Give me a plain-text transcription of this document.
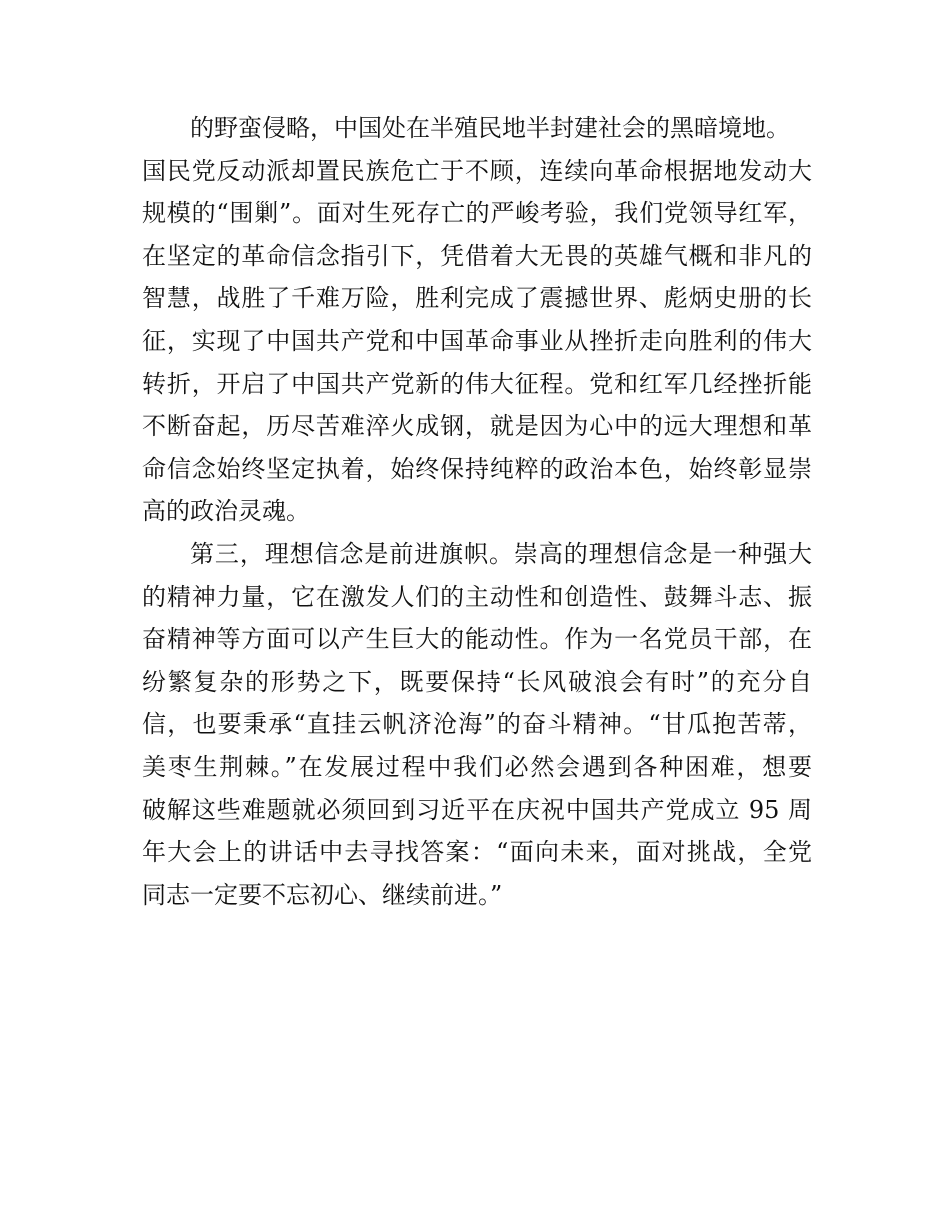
的野蛮侵略，中国处在半殖民地半封建社会的黑暗境地。
国民党反动派却置民族危亡于不顾，连续向革命根据地发动大
规模的“围剿”。面对生死存亡的严峻考验，我们党领导红军，
在坚定的革命信念指引下，凭借着大无畏的英雄气概和非凡的
智慧，战胜了千难万险，胜利完成了震撼世界、彪炳史册的长
征，实现了中国共产党和中国革命事业从挫折走向胜利的伟大
转折，开启了中国共产党新的伟大征程。党和红军几经挫折能
不断奋起，历尽苦难淬火成钢，就是因为心中的远大理想和革
命信念始终坚定执着，始终保持纯粹的政治本色，始终彰显崇
高的政治灵魂。
第三，理想信念是前进旗帜。崇高的理想信念是一种强大
的精神力量，它在激发人们的主动性和创造性、鼓舞斗志、振
奋精神等方面可以产生巨大的能动性。作为一名党员干部，在
纷繁复杂的形势之下，既要保持“长风破浪会有时”的充分自
信，也要秉承“直挂云帆济沧海”的奋斗精神。“甘瓜抱苦蒂，
美枣生荆棘。”在发展过程中我们必然会遇到各种困难，想要
破解这些难题就必须回到习近平在庆祝中国共产党成立 95 周
年大会上的讲话中去寻找答案：“面向未来，面对挑战，全党
同志一定要不忘初心、继续前进。”
